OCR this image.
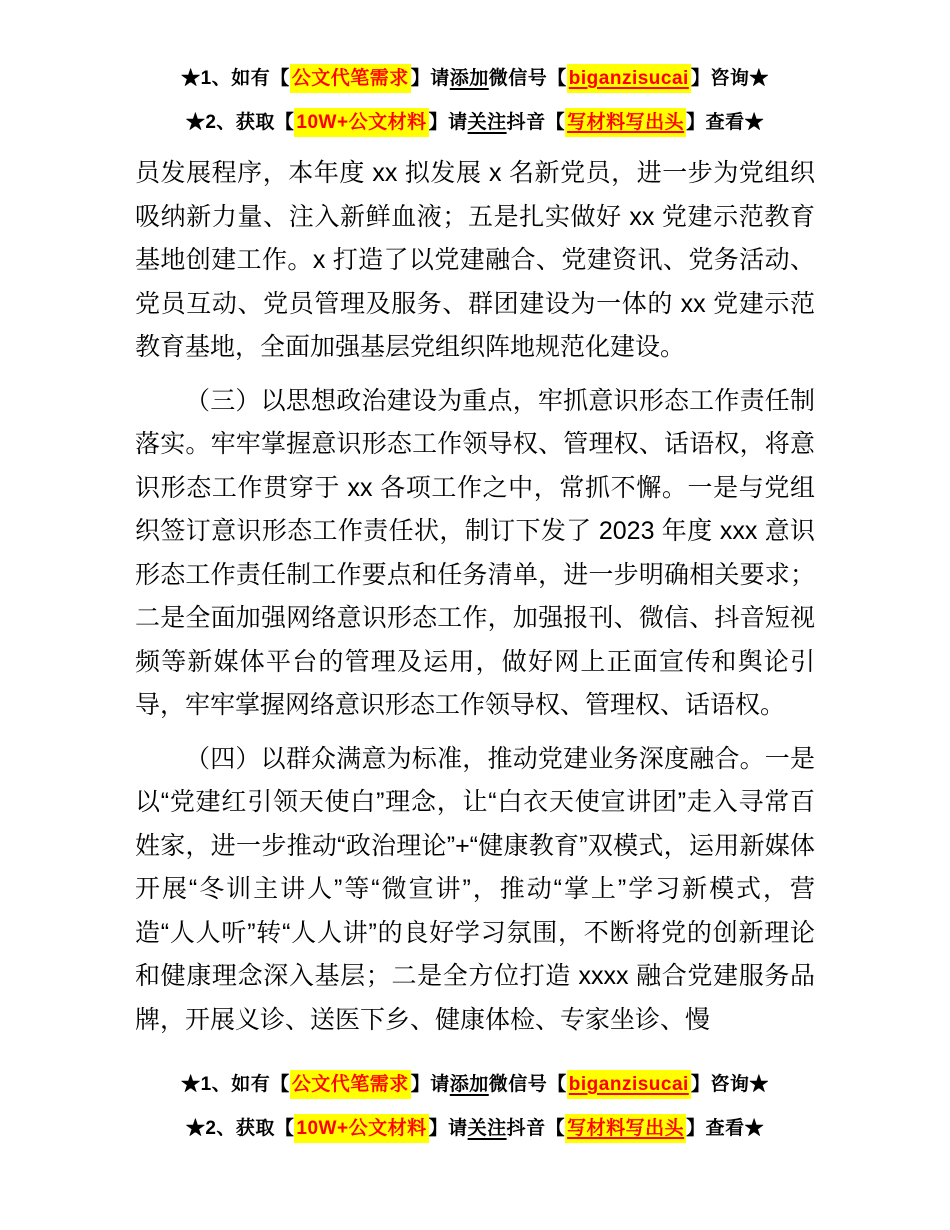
★1、如有【 公文代笔需求 】请添加微信号【 biganzisucai 】咨询★
★2、获取【 10W+公文材料 】请关注抖音【 写材料写出头 】查看★

员发展程序，本年度 xx 拟发展 x 名新党员，进一步为党组织吸纳新力量、注入新鲜血液；五是扎实做好 xx 党建示范教育基地创建工作。x 打造了以党建融合、党建资讯、党务活动、党员互动、党员管理及服务、群团建设为一体的 xx 党建示范教育基地，全面加强基层党组织阵地规范化建设。

（三）以思想政治建设为重点，牢抓意识形态工作责任制落实。牢牢掌握意识形态工作领导权、管理权、话语权，将意识形态工作贯穿于 xx 各项工作之中，常抓不懈。一是与党组织签订意识形态工作责任状，制订下发了 2023 年度 xxx 意识形态工作责任制工作要点和任务清单，进一步明确相关要求；二是全面加强网络意识形态工作，加强报刊、微信、抖音短视频等新媒体平台的管理及运用，做好网上正面宣传和舆论引导，牢牢掌握网络意识形态工作领导权、管理权、话语权。

（四）以群众满意为标准，推动党建业务深度融合。一是以“党建红引领天使白”理念，让“白衣天使宣讲团”走入寻常百姓家，进一步推动“政治理论”+“健康教育”双模式，运用新媒体开展“冬训主讲人”等“微宣讲”，推动“掌上”学习新模式，营造“人人听”转“人人讲”的良好学习氛围，不断将党的创新理论和健康理念深入基层；二是全方位打造 xxxx 融合党建服务品牌，开展义诊、送医下乡、健康体检、专家坐诊、慢

★1、如有【 公文代笔需求 】请添加微信号【 biganzisucai 】咨询★
★2、获取【 10W+公文材料 】请关注抖音【 写材料写出头 】查看★
